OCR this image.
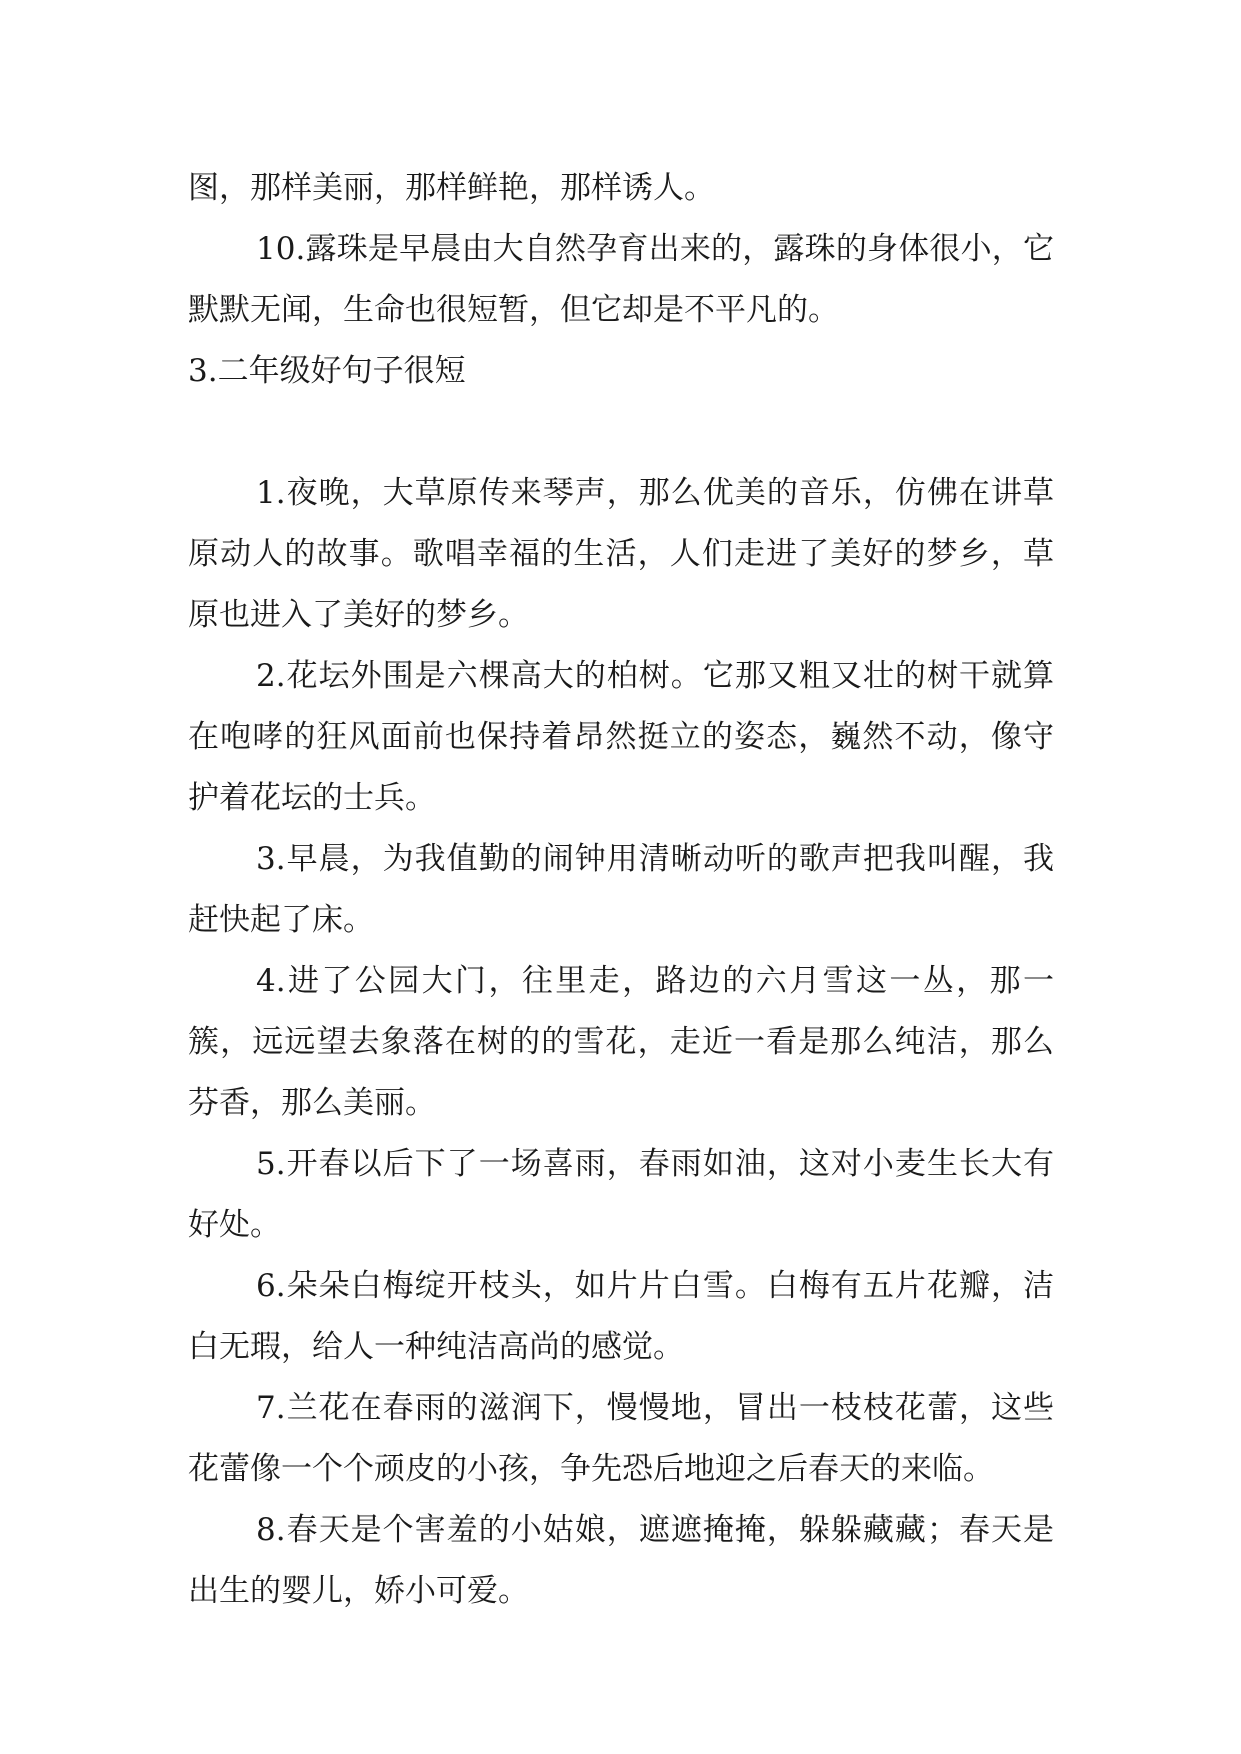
图，那样美丽，那样鲜艳，那样诱人。

10.露珠是早晨由大自然孕育出来的，露珠的身体很小，它默默无闻，生命也很短暂，但它却是不平凡的。

3.二年级好句子很短

1.夜晚，大草原传来琴声，那么优美的音乐，仿佛在讲草原动人的故事。歌唱幸福的生活，人们走进了美好的梦乡，草原也进入了美好的梦乡。

2.花坛外围是六棵高大的柏树。它那又粗又壮的树干就算在咆哮的狂风面前也保持着昂然挺立的姿态，巍然不动，像守护着花坛的士兵。

3.早晨，为我值勤的闹钟用清晰动听的歌声把我叫醒，我赶快起了床。

4.进了公园大门，往里走，路边的六月雪这一丛，那一簇，远远望去象落在树的的雪花，走近一看是那么纯洁，那么芬香，那么美丽。

5.开春以后下了一场喜雨，春雨如油，这对小麦生长大有好处。

6.朵朵白梅绽开枝头，如片片白雪。白梅有五片花瓣，洁白无瑕，给人一种纯洁高尚的感觉。

7.兰花在春雨的滋润下，慢慢地，冒出一枝枝花蕾，这些花蕾像一个个顽皮的小孩，争先恐后地迎之后春天的来临。

8.春天是个害羞的小姑娘，遮遮掩掩，躲躲藏藏；春天是出生的婴儿，娇小可爱。
